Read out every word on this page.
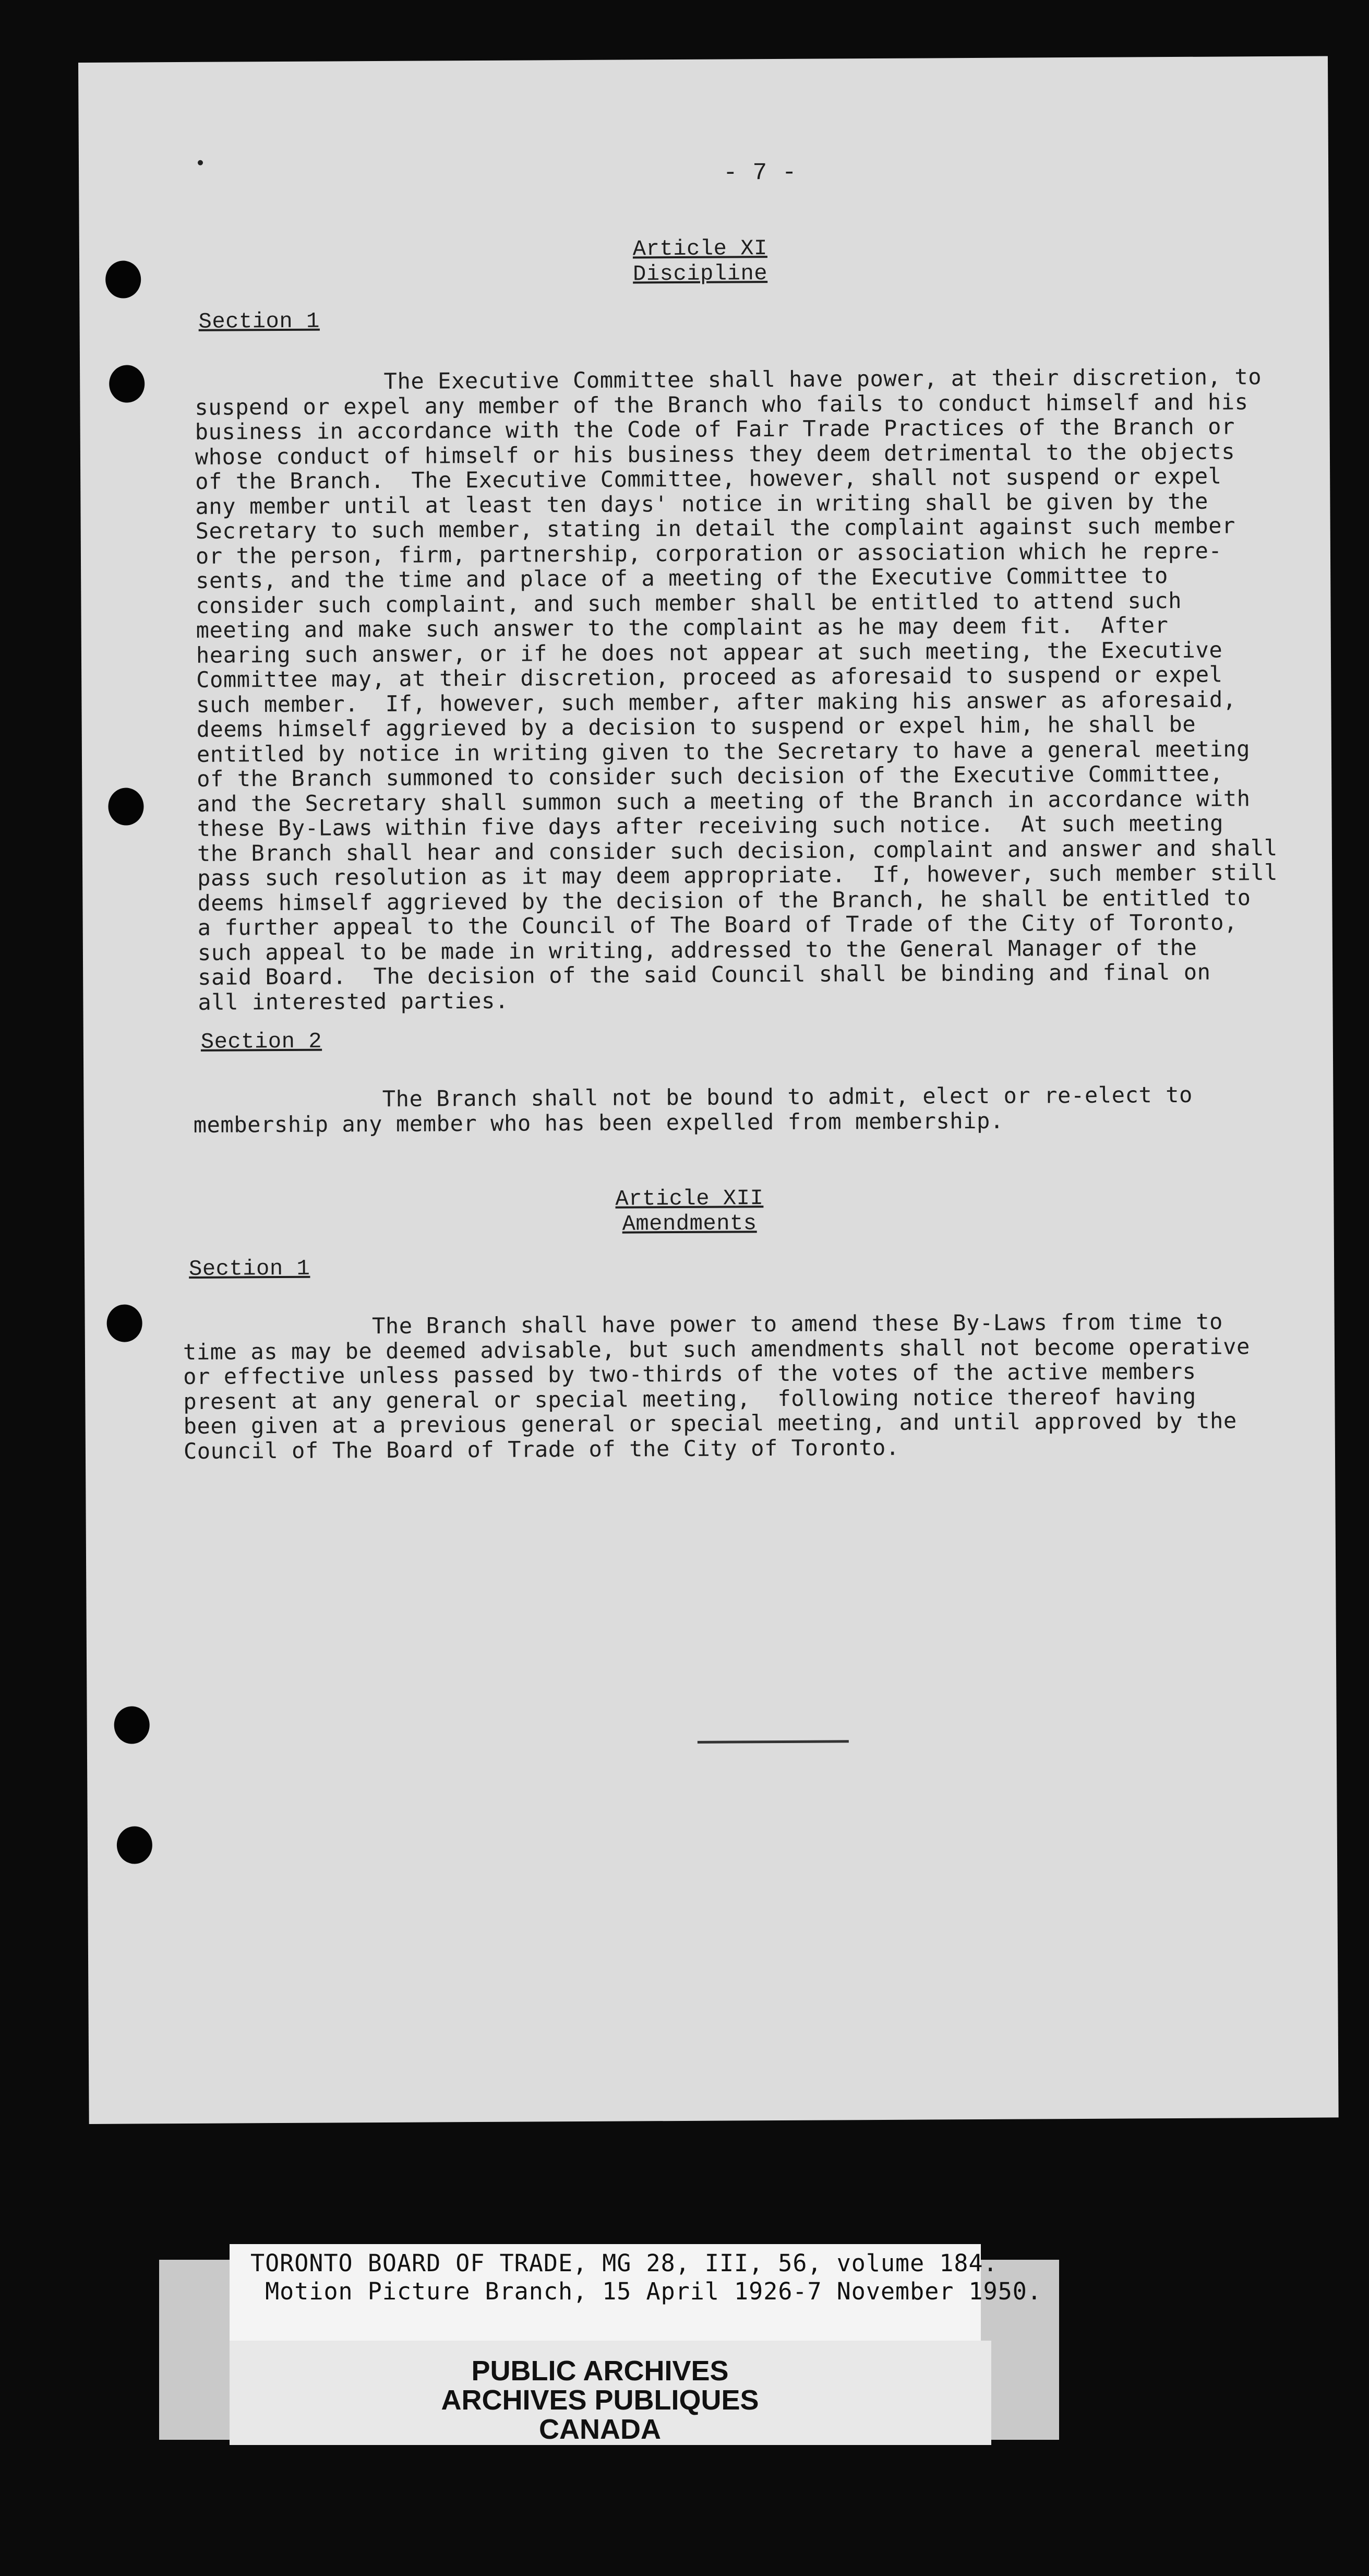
- 7 -
Article XI
Discipline
Section 1
The Executive Committee shall have power, at their discretion, to
suspend or expel any member of the Branch who fails to conduct himself and his
business in accordance with the Code of Fair Trade Practices of the Branch or
whose conduct of himself or his business they deem detrimental to the objects
of the Branch.  The Executive Committee, however, shall not suspend or expel
any member until at least ten days' notice in writing shall be given by the
Secretary to such member, stating in detail the complaint against such member
or the person, firm, partnership, corporation or association which he repre-
sents, and the time and place of a meeting of the Executive Committee to
consider such complaint, and such member shall be entitled to attend such
meeting and make such answer to the complaint as he may deem fit.  After
hearing such answer, or if he does not appear at such meeting, the Executive
Committee may, at their discretion, proceed as aforesaid to suspend or expel
such member.  If, however, such member, after making his answer as aforesaid,
deems himself aggrieved by a decision to suspend or expel him, he shall be
entitled by notice in writing given to the Secretary to have a general meeting
of the Branch summoned to consider such decision of the Executive Committee,
and the Secretary shall summon such a meeting of the Branch in accordance with
these By-Laws within five days after receiving such notice.  At such meeting
the Branch shall hear and consider such decision, complaint and answer and shall
pass such resolution as it may deem appropriate.  If, however, such member still
deems himself aggrieved by the decision of the Branch, he shall be entitled to
a further appeal to the Council of The Board of Trade of the City of Toronto,
such appeal to be made in writing, addressed to the General Manager of the
said Board.  The decision of the said Council shall be binding and final on
all interested parties.
Section 2
The Branch shall not be bound to admit, elect or re-elect to
membership any member who has been expelled from membership.
Article XII
Amendments
Section 1
The Branch shall have power to amend these By-Laws from time to
time as may be deemed advisable, but such amendments shall not become operative
or effective unless passed by two-thirds of the votes of the active members
present at any general or special meeting,  following notice thereof having
been given at a previous general or special meeting, and until approved by the
Council of The Board of Trade of the City of Toronto.
TORONTO BOARD OF TRADE, MG 28, III, 56, volume 184.
Motion Picture Branch, 15 April 1926-7 November 1950.
PUBLIC ARCHIVES
ARCHIVES PUBLIQUES
CANADA
